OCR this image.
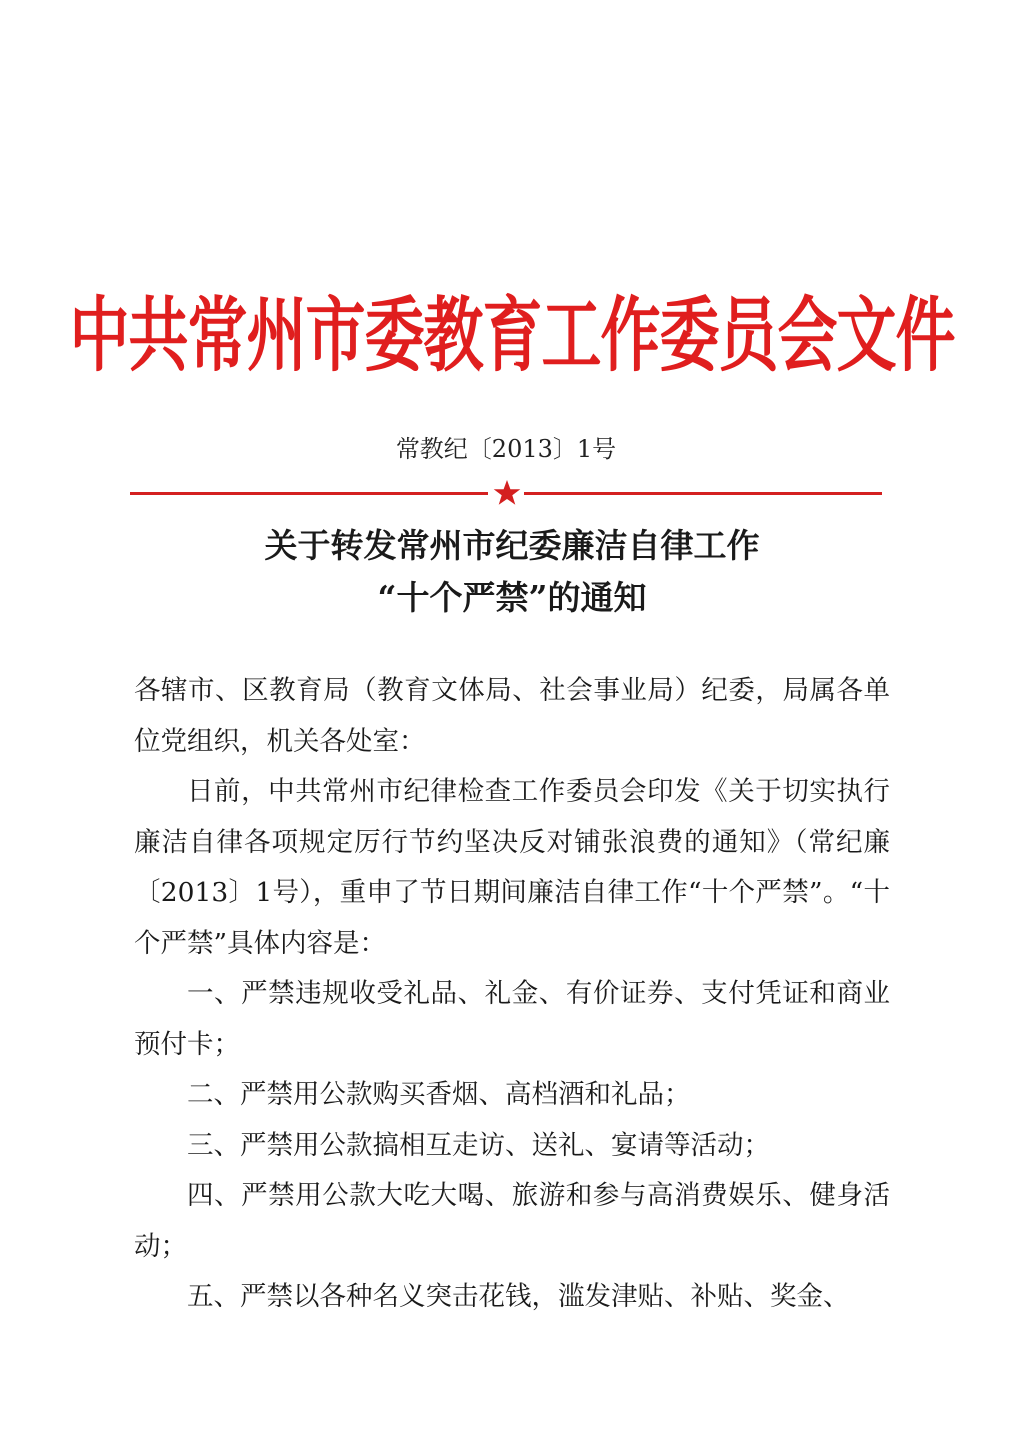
中共常州市委教育工作委员会文件
常教纪〔2013〕1号
关于转发常州市纪委廉洁自律工作
“十个严禁”的通知

各辖市、区教育局（教育文体局、社会事业局）纪委，局属各单位党组织，机关各处室：

日前，中共常州市纪律检查工作委员会印发《关于切实执行廉洁自律各项规定厉行节约坚决反对铺张浪费的通知》（常纪廉〔2013〕1号），重申了节日期间廉洁自律工作“十个严禁”。“十个严禁”具体内容是：

一、严禁违规收受礼品、礼金、有价证券、支付凭证和商业预付卡；

二、严禁用公款购买香烟、高档酒和礼品；

三、严禁用公款搞相互走访、送礼、宴请等活动；

四、严禁用公款大吃大喝、旅游和参与高消费娱乐、健身活动；

五、严禁以各种名义突击花钱，滥发津贴、补贴、奖金、
